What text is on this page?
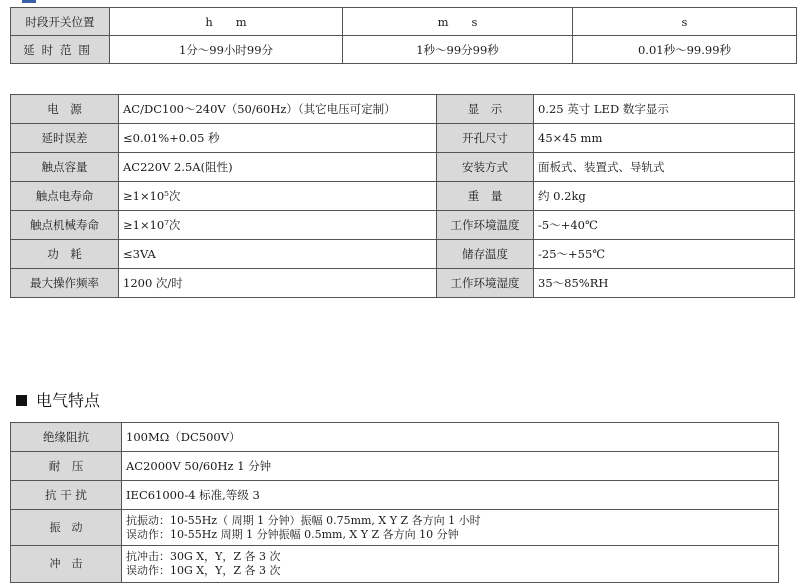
时段开关位置	h　　m	m　　s	s
延时范围	1分～99小时99分	1秒～99分99秒	0.01秒～99.99秒
电　源	AC/DC100～240V（50/60Hz）（其它电压可定制）	显　示	0.25 英寸 LED 数字显示
延时误差	≤0.01%+0.05 秒	开孔尺寸	45×45 mm
触点容量	AC220V 2.5A(阻性)	安装方式	面板式、装置式、导轨式
触点电寿命	≥1×10⁵次	重　量	约 0.2kg
触点机械寿命	≥1×10⁷次	工作环境温度	-5～+40℃
功　耗	≤3VA	储存温度	-25～+55℃
最大操作频率	1200 次/时	工作环境湿度	35～85%RH
电气特点
绝缘阻抗	100MΩ（DC500V）
耐　压	AC2000V 50/60Hz 1 分钟
抗 干 扰	IEC61000-4 标准,等级 3
振　动	抗振动：10-55Hz（ 周期 1 分钟）振幅 0.75mm, X Y Z 各方向 1 小时
误动作：10-55Hz 周期 1 分钟振幅 0.5mm, X Y Z 各方向 10 分钟

冲　击	抗冲击：30G X，Y，Z 各 3 次
误动作：10G X，Y，Z 各 3 次
